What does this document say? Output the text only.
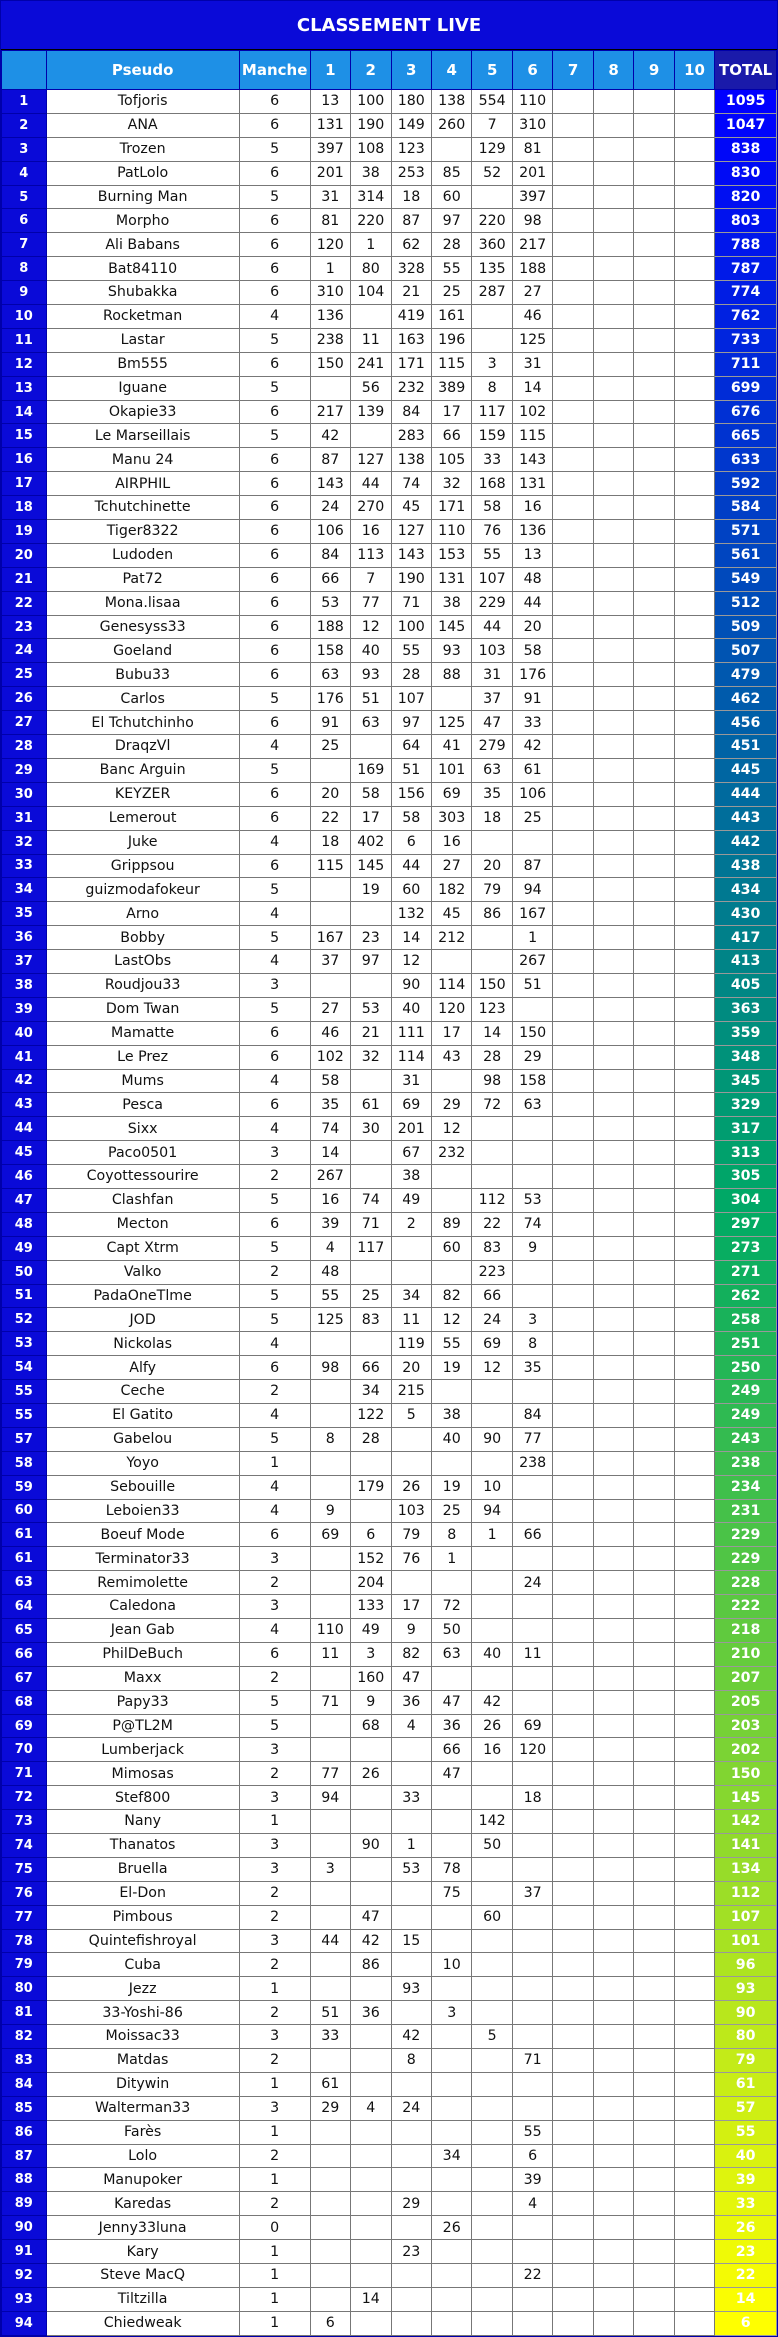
CLASSEMENT LIVE
	Pseudo	Manche	1	2	3	4	5	6	7	8	9	10	TOTAL
1	Tofjoris	6	13	100	180	138	554	110					1095
2	ANA	6	131	190	149	260	7	310					1047
3	Trozen	5	397	108	123		129	81					838
4	PatLolo	6	201	38	253	85	52	201					830
5	Burning Man	5	31	314	18	60		397					820
6	Morpho	6	81	220	87	97	220	98					803
7	Ali Babans	6	120	1	62	28	360	217					788
8	Bat84110	6	1	80	328	55	135	188					787
9	Shubakka	6	310	104	21	25	287	27					774
10	Rocketman	4	136		419	161		46					762
11	Lastar	5	238	11	163	196		125					733
12	Bm555	6	150	241	171	115	3	31					711
13	Iguane	5		56	232	389	8	14					699
14	Okapie33	6	217	139	84	17	117	102					676
15	Le Marseillais	5	42		283	66	159	115					665
16	Manu 24	6	87	127	138	105	33	143					633
17	AIRPHIL	6	143	44	74	32	168	131					592
18	Tchutchinette	6	24	270	45	171	58	16					584
19	Tiger8322	6	106	16	127	110	76	136					571
20	Ludoden	6	84	113	143	153	55	13					561
21	Pat72	6	66	7	190	131	107	48					549
22	Mona.lisaa	6	53	77	71	38	229	44					512
23	Genesyss33	6	188	12	100	145	44	20					509
24	Goeland	6	158	40	55	93	103	58					507
25	Bubu33	6	63	93	28	88	31	176					479
26	Carlos	5	176	51	107		37	91					462
27	El Tchutchinho	6	91	63	97	125	47	33					456
28	DraqzVl	4	25		64	41	279	42					451
29	Banc Arguin	5		169	51	101	63	61					445
30	KEYZER	6	20	58	156	69	35	106					444
31	Lemerout	6	22	17	58	303	18	25					443
32	Juke	4	18	402	6	16							442
33	Grippsou	6	115	145	44	27	20	87					438
34	guizmodafokeur	5		19	60	182	79	94					434
35	Arno	4			132	45	86	167					430
36	Bobby	5	167	23	14	212		1					417
37	LastObs	4	37	97	12			267					413
38	Roudjou33	3			90	114	150	51					405
39	Dom Twan	5	27	53	40	120	123						363
40	Mamatte	6	46	21	111	17	14	150					359
41	Le Prez	6	102	32	114	43	28	29					348
42	Mums	4	58		31		98	158					345
43	Pesca	6	35	61	69	29	72	63					329
44	Sixx	4	74	30	201	12							317
45	Paco0501	3	14		67	232							313
46	Coyottessourire	2	267		38								305
47	Clashfan	5	16	74	49		112	53					304
48	Mecton	6	39	71	2	89	22	74					297
49	Capt Xtrm	5	4	117		60	83	9					273
50	Valko	2	48				223						271
51	PadaOneTlme	5	55	25	34	82	66						262
52	JOD	5	125	83	11	12	24	3					258
53	Nickolas	4			119	55	69	8					251
54	Alfy	6	98	66	20	19	12	35					250
55	Ceche	2		34	215								249
55	El Gatito	4		122	5	38		84					249
57	Gabelou	5	8	28		40	90	77					243
58	Yoyo	1						238					238
59	Sebouille	4		179	26	19	10						234
60	Leboien33	4	9		103	25	94						231
61	Boeuf Mode	6	69	6	79	8	1	66					229
61	Terminator33	3		152	76	1							229
63	Remimolette	2		204				24					228
64	Caledona	3		133	17	72							222
65	Jean Gab	4	110	49	9	50							218
66	PhilDeBuch	6	11	3	82	63	40	11					210
67	Maxx	2		160	47								207
68	Papy33	5	71	9	36	47	42						205
69	P@TL2M	5		68	4	36	26	69					203
70	Lumberjack	3				66	16	120					202
71	Mimosas	2	77	26		47							150
72	Stef800	3	94		33			18					145
73	Nany	1					142						142
74	Thanatos	3		90	1		50						141
75	Bruella	3	3		53	78							134
76	El-Don	2				75		37					112
77	Pimbous	2		47			60						107
78	Quintefishroyal	3	44	42	15								101
79	Cuba	2		86		10							96
80	Jezz	1			93								93
81	33-Yoshi-86	2	51	36		3							90
82	Moissac33	3	33		42		5						80
83	Matdas	2			8			71					79
84	Ditywin	1	61										61
85	Walterman33	3	29	4	24								57
86	Farès	1						55					55
87	Lolo	2				34		6					40
88	Manupoker	1						39					39
89	Karedas	2			29			4					33
90	Jenny33luna	0				26							26
91	Kary	1			23								23
92	Steve MacQ	1						22					22
93	Tiltzilla	1		14									14
94	Chiedweak	1	6										6
